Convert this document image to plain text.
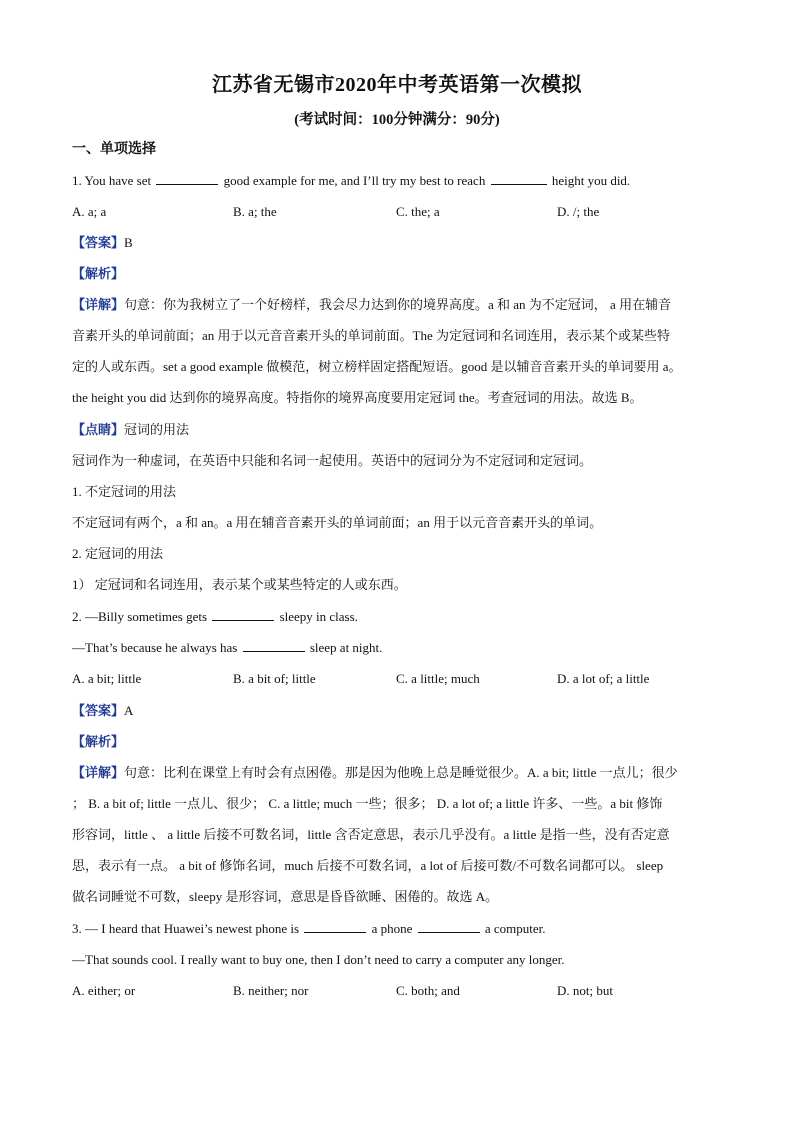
江苏省无锡市2020年中考英语第一次模拟
(考试时间：100分钟满分：90分)
一、单项选择
1. You have set	good example for me, and I’ll try my best to reach	height you did.
A. a; a	B. a; the	C. the; a	D. /; the
【答案】B
【解析】
【详解】句意：你为我树立了一个好榜样，我会尽力达到你的境界高度。a 和 an 为不定冠词， a 用在辅音
音素开头的单词前面；an 用于以元音音素开头的单词前面。The 为定冠词和名词连用，表示某个或某些特
定的人或东西。set a good example 做模范，树立榜样固定搭配短语。good 是以辅音音素开头的单词要用 a。
the height you did 达到你的境界高度。特指你的境界高度要用定冠词 the。考查冠词的用法。故选 B。
【点睛】冠词的用法
冠词作为一种虚词，在英语中只能和名词一起使用。英语中的冠词分为不定冠词和定冠词。
1. 不定冠词的用法
不定冠词有两个，a 和 an。a 用在辅音音素开头的单词前面；an 用于以元音音素开头的单词。
2. 定冠词的用法
1） 定冠词和名词连用，表示某个或某些特定的人或东西。
2. —Billy sometimes gets	sleepy in class.
—That’s because he always has	sleep at night.
A. a bit; little	B. a bit of; little	C. a little; much	D. a lot of; a little
【答案】A
【解析】
【详解】句意：比利在课堂上有时会有点困倦。那是因为他晚上总是睡觉很少。A. a bit; little 一点儿；很少
； B. a bit of; little 一点儿、很少； C. a little; much 一些；很多； D. a lot of; a little 许多、一些。a bit 修饰
形容词，little 、 a little 后接不可数名词，little 含否定意思，表示几乎没有。a little 是指一些，没有否定意
思，表示有一点。 a bit of 修饰名词，much 后接不可数名词，a lot of 后接可数/不可数名词都可以。 sleep
做名词睡觉不可数，sleepy 是形容词，意思是昏昏欲睡、困倦的。故选 A。
3. — I heard that Huawei’s newest phone is	a phone	a computer.
—That sounds cool. I really want to buy one, then I don’t need to carry a computer any longer.
A. either; or	B. neither; nor	C. both; and	D. not; but
